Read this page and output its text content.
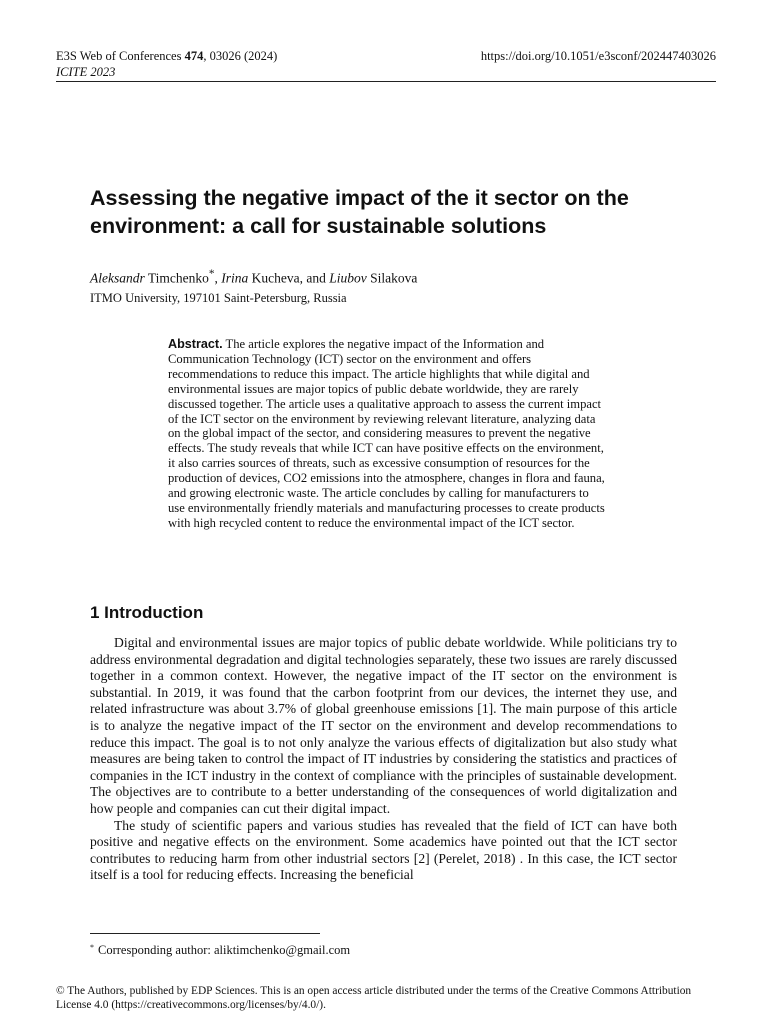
E3S Web of Conferences 474, 03026 (2024)
ICITE 2023
https://doi.org/10.1051/e3sconf/202447403026
Assessing the negative impact of the it sector on the environment: a call for sustainable solutions
Aleksandr Timchenko*, Irina Kucheva, and Liubov Silakova
ITMO University, 197101 Saint-Petersburg, Russia
Abstract. The article explores the negative impact of the Information and Communication Technology (ICT) sector on the environment and offers recommendations to reduce this impact. The article highlights that while digital and environmental issues are major topics of public debate worldwide, they are rarely discussed together. The article uses a qualitative approach to assess the current impact of the ICT sector on the environment by reviewing relevant literature, analyzing data on the global impact of the sector, and considering measures to prevent the negative effects. The study reveals that while ICT can have positive effects on the environment, it also carries sources of threats, such as excessive consumption of resources for the production of devices, CO2 emissions into the atmosphere, changes in flora and fauna, and growing electronic waste. The article concludes by calling for manufacturers to use environmentally friendly materials and manufacturing processes to create products with high recycled content to reduce the environmental impact of the ICT sector.
1 Introduction

Digital and environmental issues are major topics of public debate worldwide. While politicians try to address environmental degradation and digital technologies separately, these two issues are rarely discussed together in a common context. However, the negative impact of the IT sector on the environment is substantial. In 2019, it was found that the carbon footprint from our devices, the internet they use, and related infrastructure was about 3.7% of global greenhouse emissions [1]. The main purpose of this article is to analyze the negative impact of the IT sector on the environment and develop recommendations to reduce this impact. The goal is to not only analyze the various effects of digitalization but also study what measures are being taken to control the impact of IT industries by considering the statistics and practices of companies in the ICT industry in the context of compliance with the principles of sustainable development. The objectives are to contribute to a better understanding of the consequences of world digitalization and how people and companies can cut their digital impact.

The study of scientific papers and various studies has revealed that the field of ICT can have both positive and negative effects on the environment. Some academics have pointed out that the ICT sector contributes to reducing harm from other industrial sectors [2] (Perelet, 2018) . In this case, the ICT sector itself is a tool for reducing effects. Increasing the beneficial

* Corresponding author: aliktimchenko@gmail.com
© The Authors, published by EDP Sciences. This is an open access article distributed under the terms of the Creative Commons Attribution License 4.0 (https://creativecommons.org/licenses/by/4.0/).
